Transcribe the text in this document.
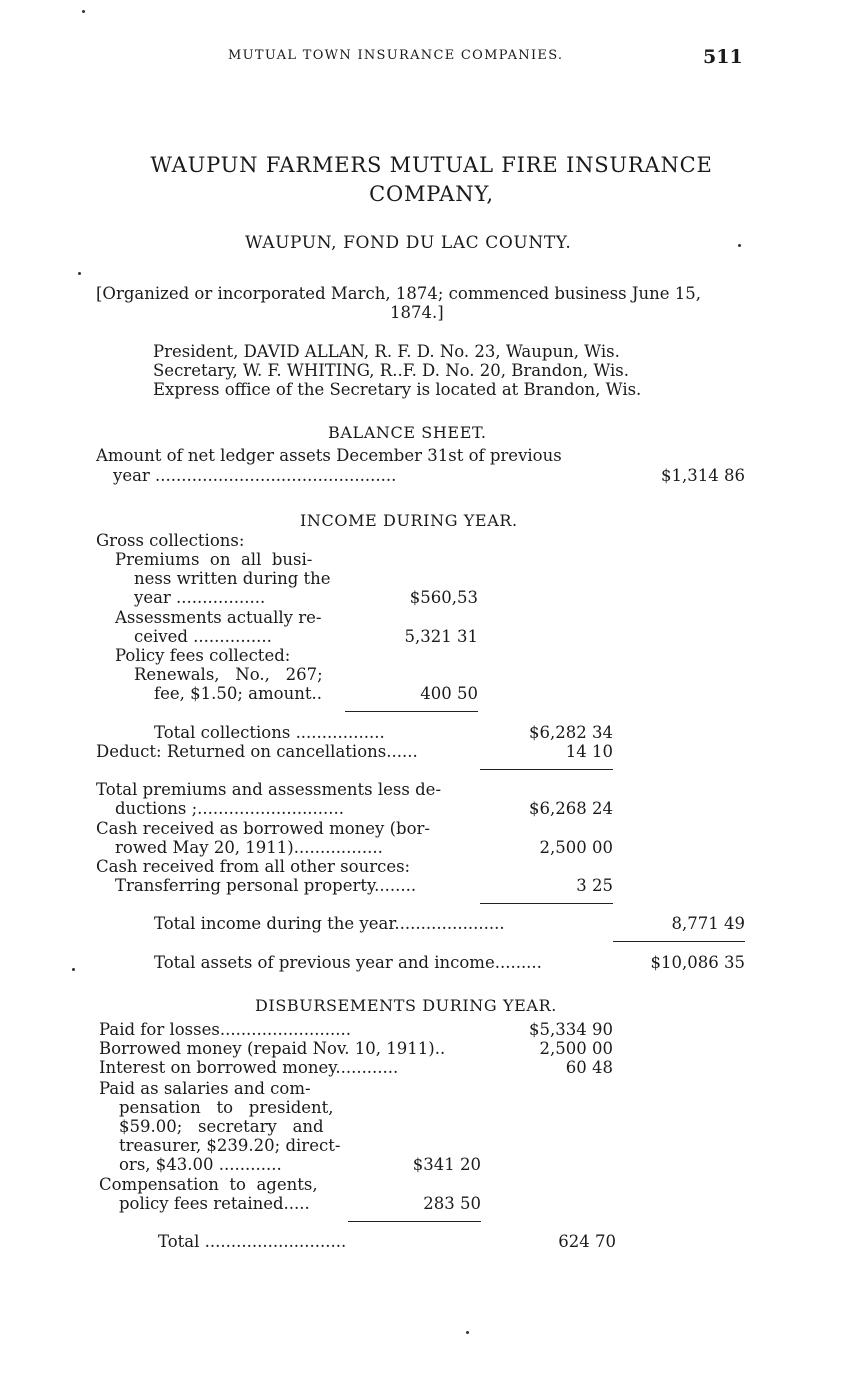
MUTUAL TOWN INSURANCE COMPANIES.	511
WAUPUN FARMERS MUTUAL FIRE INSURANCE
COMPANY,
WAUPUN, FOND DU LAC COUNTY.
[Organized or incorporated March, 1874; commenced business June 15,
1874.]
President, DAVID ALLAN, R. F. D. No. 23, Waupun, Wis.
Secretary, W. F. WHITING, R..F. D. No. 20, Brandon, Wis.
Express office of the Secretary is located at Brandon, Wis.
BALANCE SHEET.
Amount of net ledger assets December 31st of previous
year ..............................................	$1,314 86
INCOME DURING YEAR.
Gross collections:
Premiums  on  all  busi-
ness written during the
year .................	$560,53
Assessments actually re-
ceived ...............	5,321 31
Policy fees collected:
Renewals,   No.,   267;
fee, $1.50; amount..	400 50
Total collections .................	$6,282 34
Deduct: Returned on cancellations......	14 10
Total premiums and assessments less de-
ductions ;............................	$6,268 24
Cash received as borrowed money (bor-
rowed May 20, 1911).................	2,500 00
Cash received from all other sources:
Transferring personal property........	3 25
Total income during the year.....................	8,771 49
Total assets of previous year and income.........	$10,086 35
DISBURSEMENTS DURING YEAR.
Paid for losses.........................	$5,334 90
Borrowed money (repaid Nov. 10, 1911)..	2,500 00
Interest on borrowed money............	60 48
Paid as salaries and com-
pensation   to   president,
$59.00;   secretary   and
treasurer, $239.20; direct-
ors, $43.00 ............	$341 20
Compensation  to  agents,
policy fees retained.....	283 50
Total ...........................	624 70
